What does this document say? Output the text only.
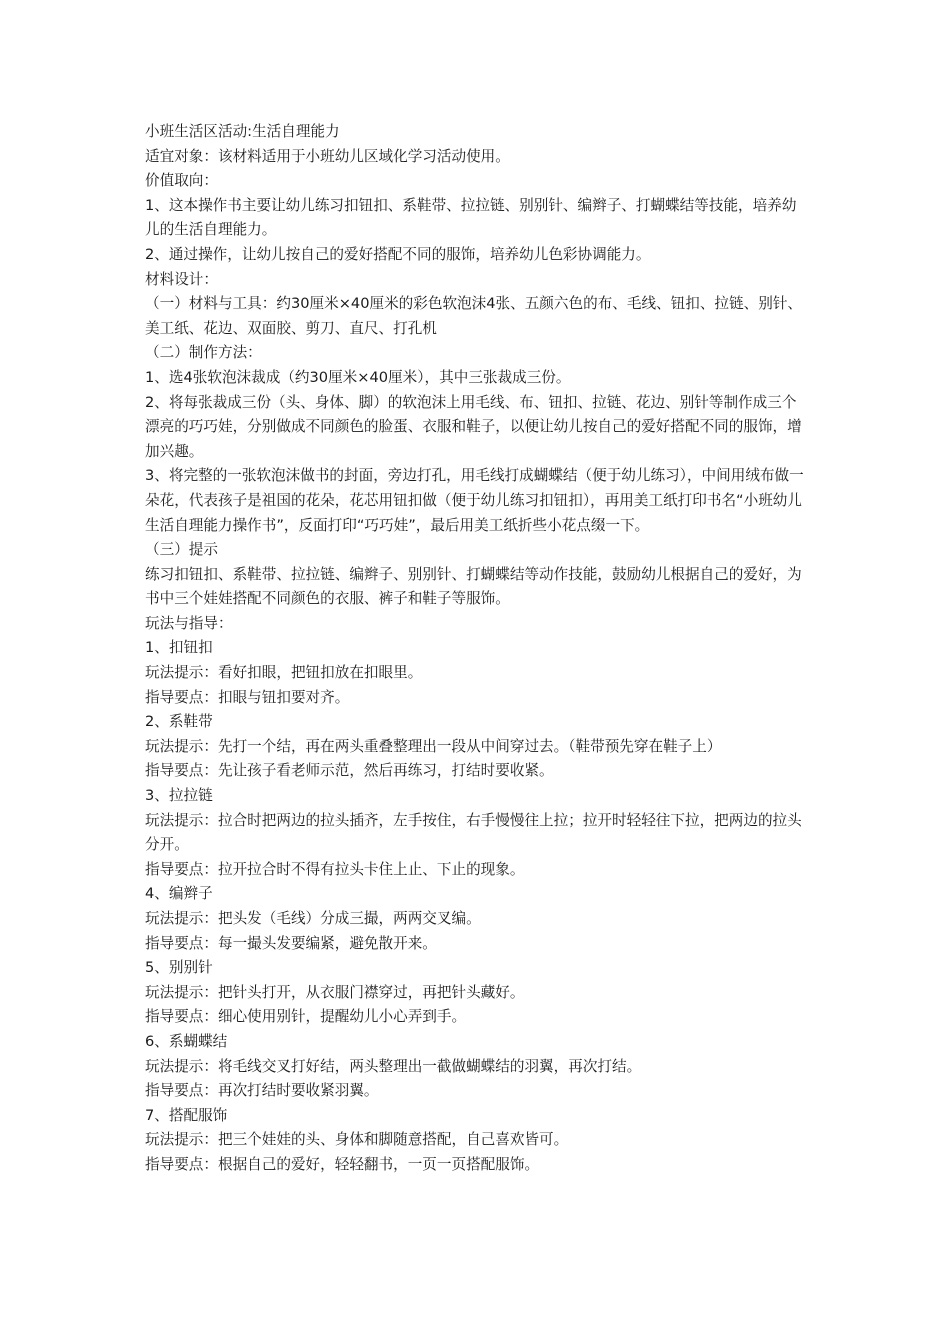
小班生活区活动:生活自理能力

适宜对象：该材料适用于小班幼儿区域化学习活动使用。

价值取向：

1、这本操作书主要让幼儿练习扣钮扣、系鞋带、拉拉链、别别针、编辫子、打蝴蝶结等技能，培养幼儿的生活自理能力。

2、通过操作，让幼儿按自己的爱好搭配不同的服饰，培养幼儿色彩协调能力。

材料设计：

（一）材料与工具：约30厘米×40厘米的彩色软泡沫4张、五颜六色的布、毛线、钮扣、拉链、别针、美工纸、花边、双面胶、剪刀、直尺、打孔机

（二）制作方法：

1、选4张软泡沫裁成（约30厘米×40厘米），其中三张裁成三份。

2、将每张裁成三份（头、身体、脚）的软泡沫上用毛线、布、钮扣、拉链、花边、别针等制作成三个漂亮的巧巧娃，分别做成不同颜色的脸蛋、衣服和鞋子，以便让幼儿按自己的爱好搭配不同的服饰，增加兴趣。

3、将完整的一张软泡沫做书的封面，旁边打孔，用毛线打成蝴蝶结（便于幼儿练习），中间用绒布做一朵花，代表孩子是祖国的花朵，花芯用钮扣做（便于幼儿练习扣钮扣），再用美工纸打印书名“小班幼儿生活自理能力操作书”，反面打印“巧巧娃”，最后用美工纸折些小花点缀一下。

（三）提示

练习扣钮扣、系鞋带、拉拉链、编辫子、别别针、打蝴蝶结等动作技能，鼓励幼儿根据自己的爱好，为书中三个娃娃搭配不同颜色的衣服、裤子和鞋子等服饰。

玩法与指导：

1、扣钮扣

玩法提示：看好扣眼，把钮扣放在扣眼里。

指导要点：扣眼与钮扣要对齐。

2、系鞋带

玩法提示：先打一个结，再在两头重叠整理出一段从中间穿过去。（鞋带预先穿在鞋子上）

指导要点：先让孩子看老师示范，然后再练习，打结时要收紧。

3、拉拉链

玩法提示：拉合时把两边的拉头插齐，左手按住，右手慢慢往上拉；拉开时轻轻往下拉，把两边的拉头分开。

指导要点：拉开拉合时不得有拉头卡住上止、下止的现象。

4、编辫子

玩法提示：把头发（毛线）分成三撮，两两交叉编。

指导要点：每一撮头发要编紧，避免散开来。

5、别别针

玩法提示：把针头打开，从衣服门襟穿过，再把针头藏好。

指导要点：细心使用别针，提醒幼儿小心弄到手。

6、系蝴蝶结

玩法提示：将毛线交叉打好结，两头整理出一截做蝴蝶结的羽翼，再次打结。

指导要点：再次打结时要收紧羽翼。

7、搭配服饰

玩法提示：把三个娃娃的头、身体和脚随意搭配，自己喜欢皆可。

指导要点：根据自己的爱好，轻轻翻书，一页一页搭配服饰。
